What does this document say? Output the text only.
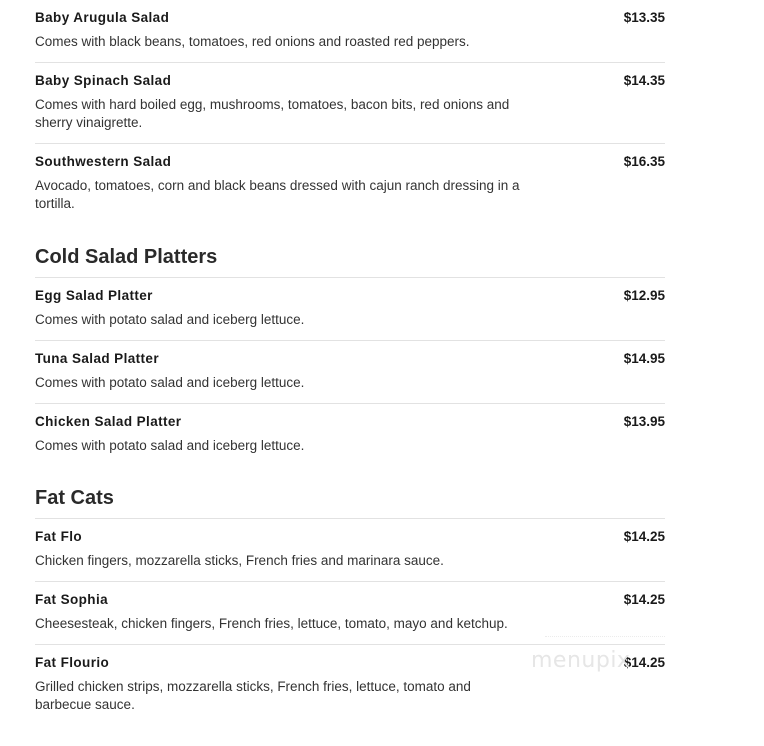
Baby Arugula Salad	$13.35
Comes with black beans, tomatoes, red onions and roasted red peppers.
Baby Spinach Salad	$14.35
Comes with hard boiled egg, mushrooms, tomatoes, bacon bits, red onions and sherry vinaigrette.
Southwestern Salad	$16.35
Avocado, tomatoes, corn and black beans dressed with cajun ranch dressing in a tortilla.
Cold Salad Platters
Egg Salad Platter	$12.95
Comes with potato salad and iceberg lettuce.
Tuna Salad Platter	$14.95
Comes with potato salad and iceberg lettuce.
Chicken Salad Platter	$13.95
Comes with potato salad and iceberg lettuce.
Fat Cats
Fat Flo	$14.25
Chicken fingers, mozzarella sticks, French fries and marinara sauce.
Fat Sophia	$14.25
Cheesesteak, chicken fingers, French fries, lettuce, tomato, mayo and ketchup.
Fat Flourio	$14.25
Grilled chicken strips, mozzarella sticks, French fries, lettuce, tomato and barbecue sauce.
menupix
